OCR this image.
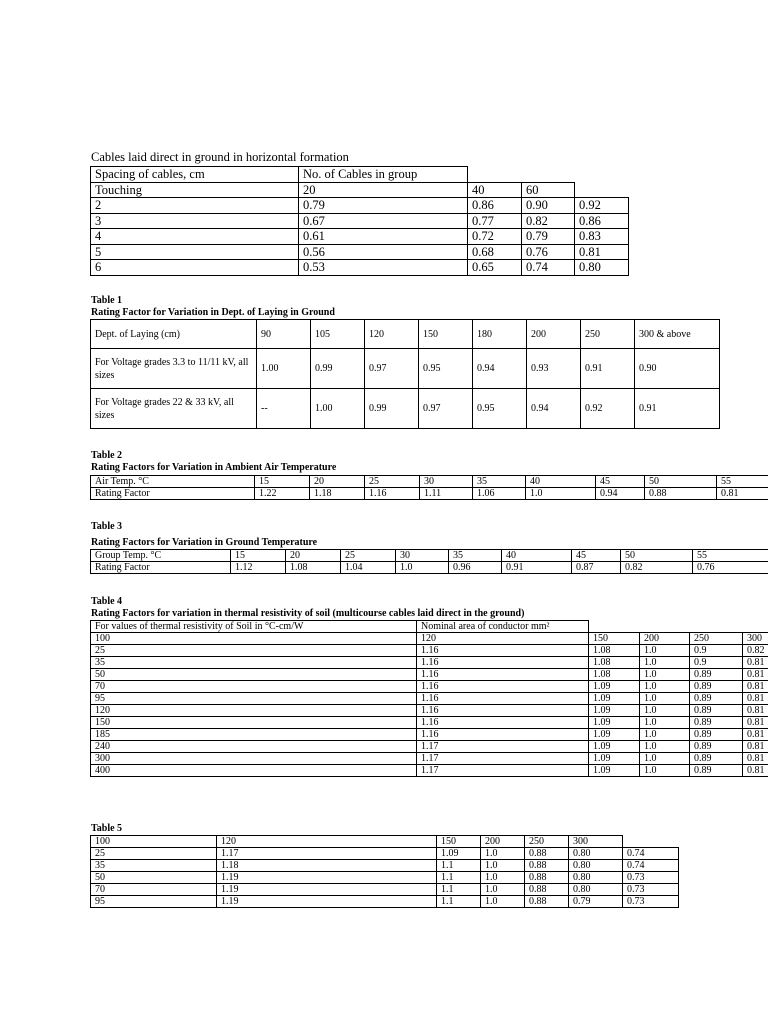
Cables laid direct in ground in horizontal formation
Spacing of cables, cm	No. of Cables in group			
Touching	20	40	60	
2	0.79	0.86	0.90	0.92
3	0.67	0.77	0.82	0.86
4	0.61	0.72	0.79	0.83
5	0.56	0.68	0.76	0.81
6	0.53	0.65	0.74	0.80
Table 1
Rating Factor for Variation in Dept. of Laying in Ground
Dept. of Laying (cm)	90	105	120	150	180	200	250	300 & above
For Voltage grades 3.3 to 11/11 kV, all sizes	1.00	0.99	0.97	0.95	0.94	0.93	0.91	0.90
For Voltage grades 22 & 33 kV, all sizes	--	1.00	0.99	0.97	0.95	0.94	0.92	0.91
Table 2
Rating Factors for Variation in Ambient Air Temperature
Air Temp. °C	15	20	25	30	35	40	45	50	55
Rating Factor	1.22	1.18	1.16	1.11	1.06	1.0	0.94	0.88	0.81
Table 3
Rating Factors for Variation in Ground Temperature
Group Temp. °C	15	20	25	30	35	40	45	50	55
Rating Factor	1.12	1.08	1.04	1.0	0.96	0.91	0.87	0.82	0.76
Table 4
Rating Factors for variation in thermal resistivity of soil (multicourse cables laid direct in the ground)
For values of thermal resistivity of Soil in °C-cm/W	Nominal area of conductor mm²				
100	120	150	200	250	300
25	1.16	1.08	1.0	0.9	0.82
35	1.16	1.08	1.0	0.9	0.81
50	1.16	1.08	1.0	0.89	0.81
70	1.16	1.09	1.0	0.89	0.81
95	1.16	1.09	1.0	0.89	0.81
120	1.16	1.09	1.0	0.89	0.81
150	1.16	1.09	1.0	0.89	0.81
185	1.16	1.09	1.0	0.89	0.81
240	1.17	1.09	1.0	0.89	0.81
300	1.17	1.09	1.0	0.89	0.81
400	1.17	1.09	1.0	0.89	0.81
Table 5
100	120	150	200	250	300	
25	1.17	1.09	1.0	0.88	0.80	0.74
35	1.18	1.1	1.0	0.88	0.80	0.74
50	1.19	1.1	1.0	0.88	0.80	0.73
70	1.19	1.1	1.0	0.88	0.80	0.73
95	1.19	1.1	1.0	0.88	0.79	0.73
